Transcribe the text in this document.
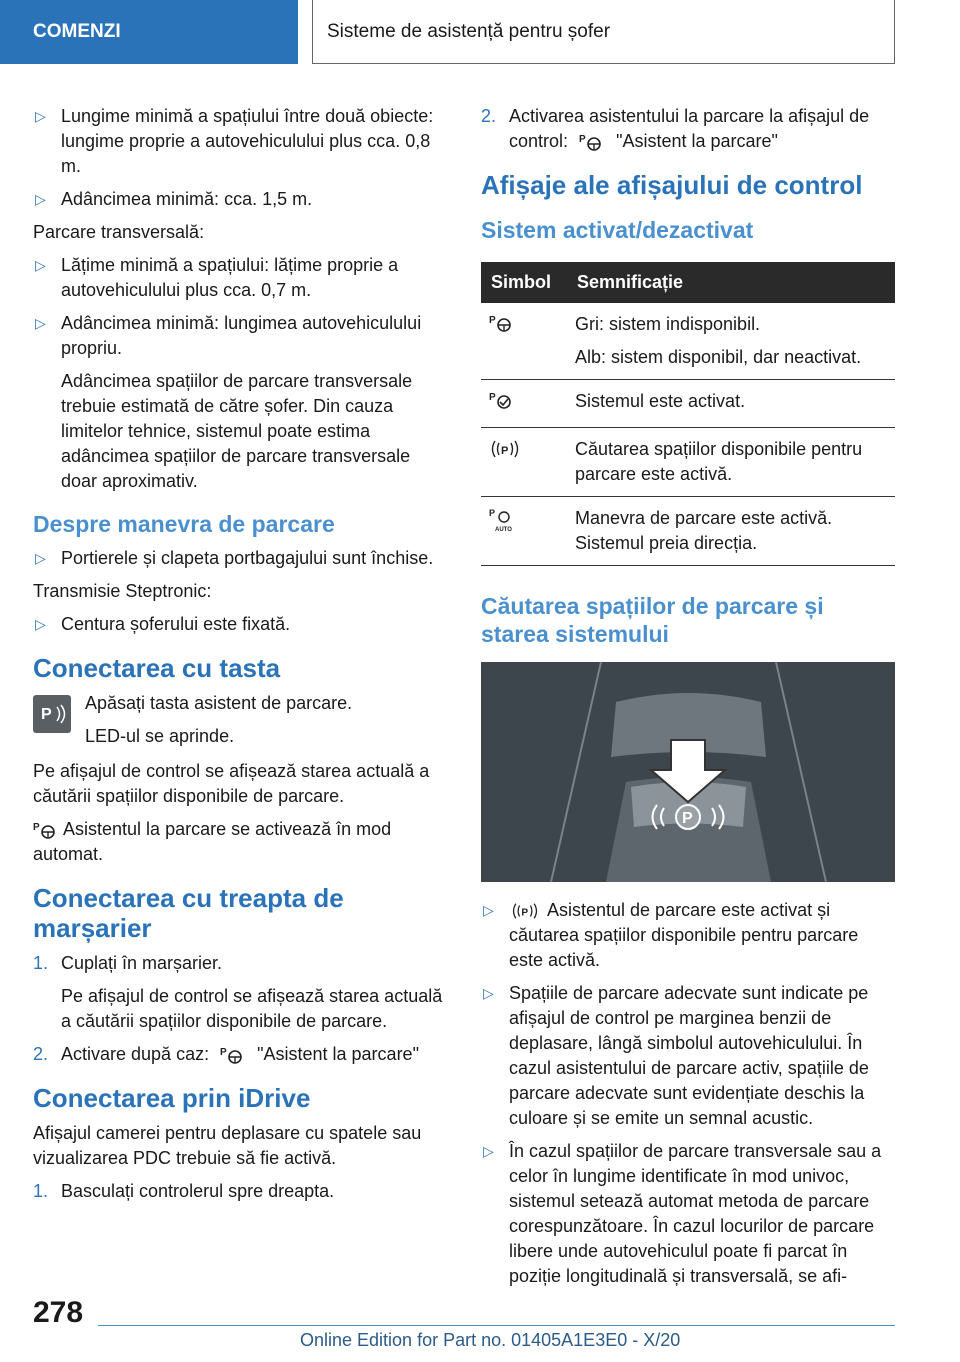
COMENZI	Sisteme de asistență pentru șofer
▷ Lungime minimă a spațiului între două obiecte: lungime proprie a autovehiculului plus cca. 0,8 m.
▷ Adâncimea minimă: cca. 1,5 m.

Parcare transversală:

▷ Lățime minimă a spațiului: lățime proprie a autovehiculului plus cca. 0,7 m.
▷ Adâncimea minimă: lungimea autovehiculului propriu.
Adâncimea spațiilor de parcare transversale trebuie estimată de către șofer. Din cauza limitelor tehnice, sistemul poate estima adâncimea spațiilor de parcare transversale doar aproximativ.
Despre manevra de parcare
▷ Portierele și clapeta portbagajului sunt închise.

Transmisie Steptronic:

▷ Centura șoferului este fixată.
Conectarea cu tasta
P

Apăsați tasta asistent de parcare.

LED-ul se aprinde.

Pe afișajul de control se afișează starea actuală a căutării spațiilor disponibile de parcare.

P Asistentul la parcare se activează în mod automat.

Conectarea cu treapta de marșarier
1. Cuplați în marșarier.
Pe afișajul de control se afișează starea actuală a căutării spațiilor disponibile de parcare.
2. Activare după caz: P "Asistent la parcare"
Conectarea prin iDrive

Afișajul camerei pentru deplasare cu spatele sau vizualizarea PDC trebuie să fie activă.

1. Basculați controlerul spre dreapta.
2. Activarea asistentului la parcare la afișajul de control: P "Asistent la parcare"
Afișaje ale afișajului de control
Sistem activat/dezactivat
Simbol	Semnificație

P	Gri: sistem indisponibil.

Alb: sistem disponibil, dar neactivat.

P	Sistemul este activat.

P	Căutarea spațiilor disponibile pentru parcare este activă.

P
AUTO	Manevra de parcare este activă. Sistemul preia direcția.
Căutarea spațiilor de parcare și starea sistemului
P
▷	P Asistentul de parcare este activat și căutarea spațiilor disponibile pentru parcare este activă.
▷ Spațiile de parcare adecvate sunt indicate pe afișajul de control pe marginea benzii de deplasare, lângă simbolul autovehiculului. În cazul asistentului de parcare activ, spațiile de parcare adecvate sunt evidențiate deschis la culoare și se emite un semnal acustic.
▷ În cazul spațiilor de parcare transversale sau a celor în lungime identificate în mod univoc, sistemul setează automat metoda de parcare corespunzătoare. În cazul locurilor de parcare libere unde autovehiculul poate fi parcat în poziție longitudinală și transversală, se afi-
278
Online Edition for Part no. 01405A1E3E0 - X/20
